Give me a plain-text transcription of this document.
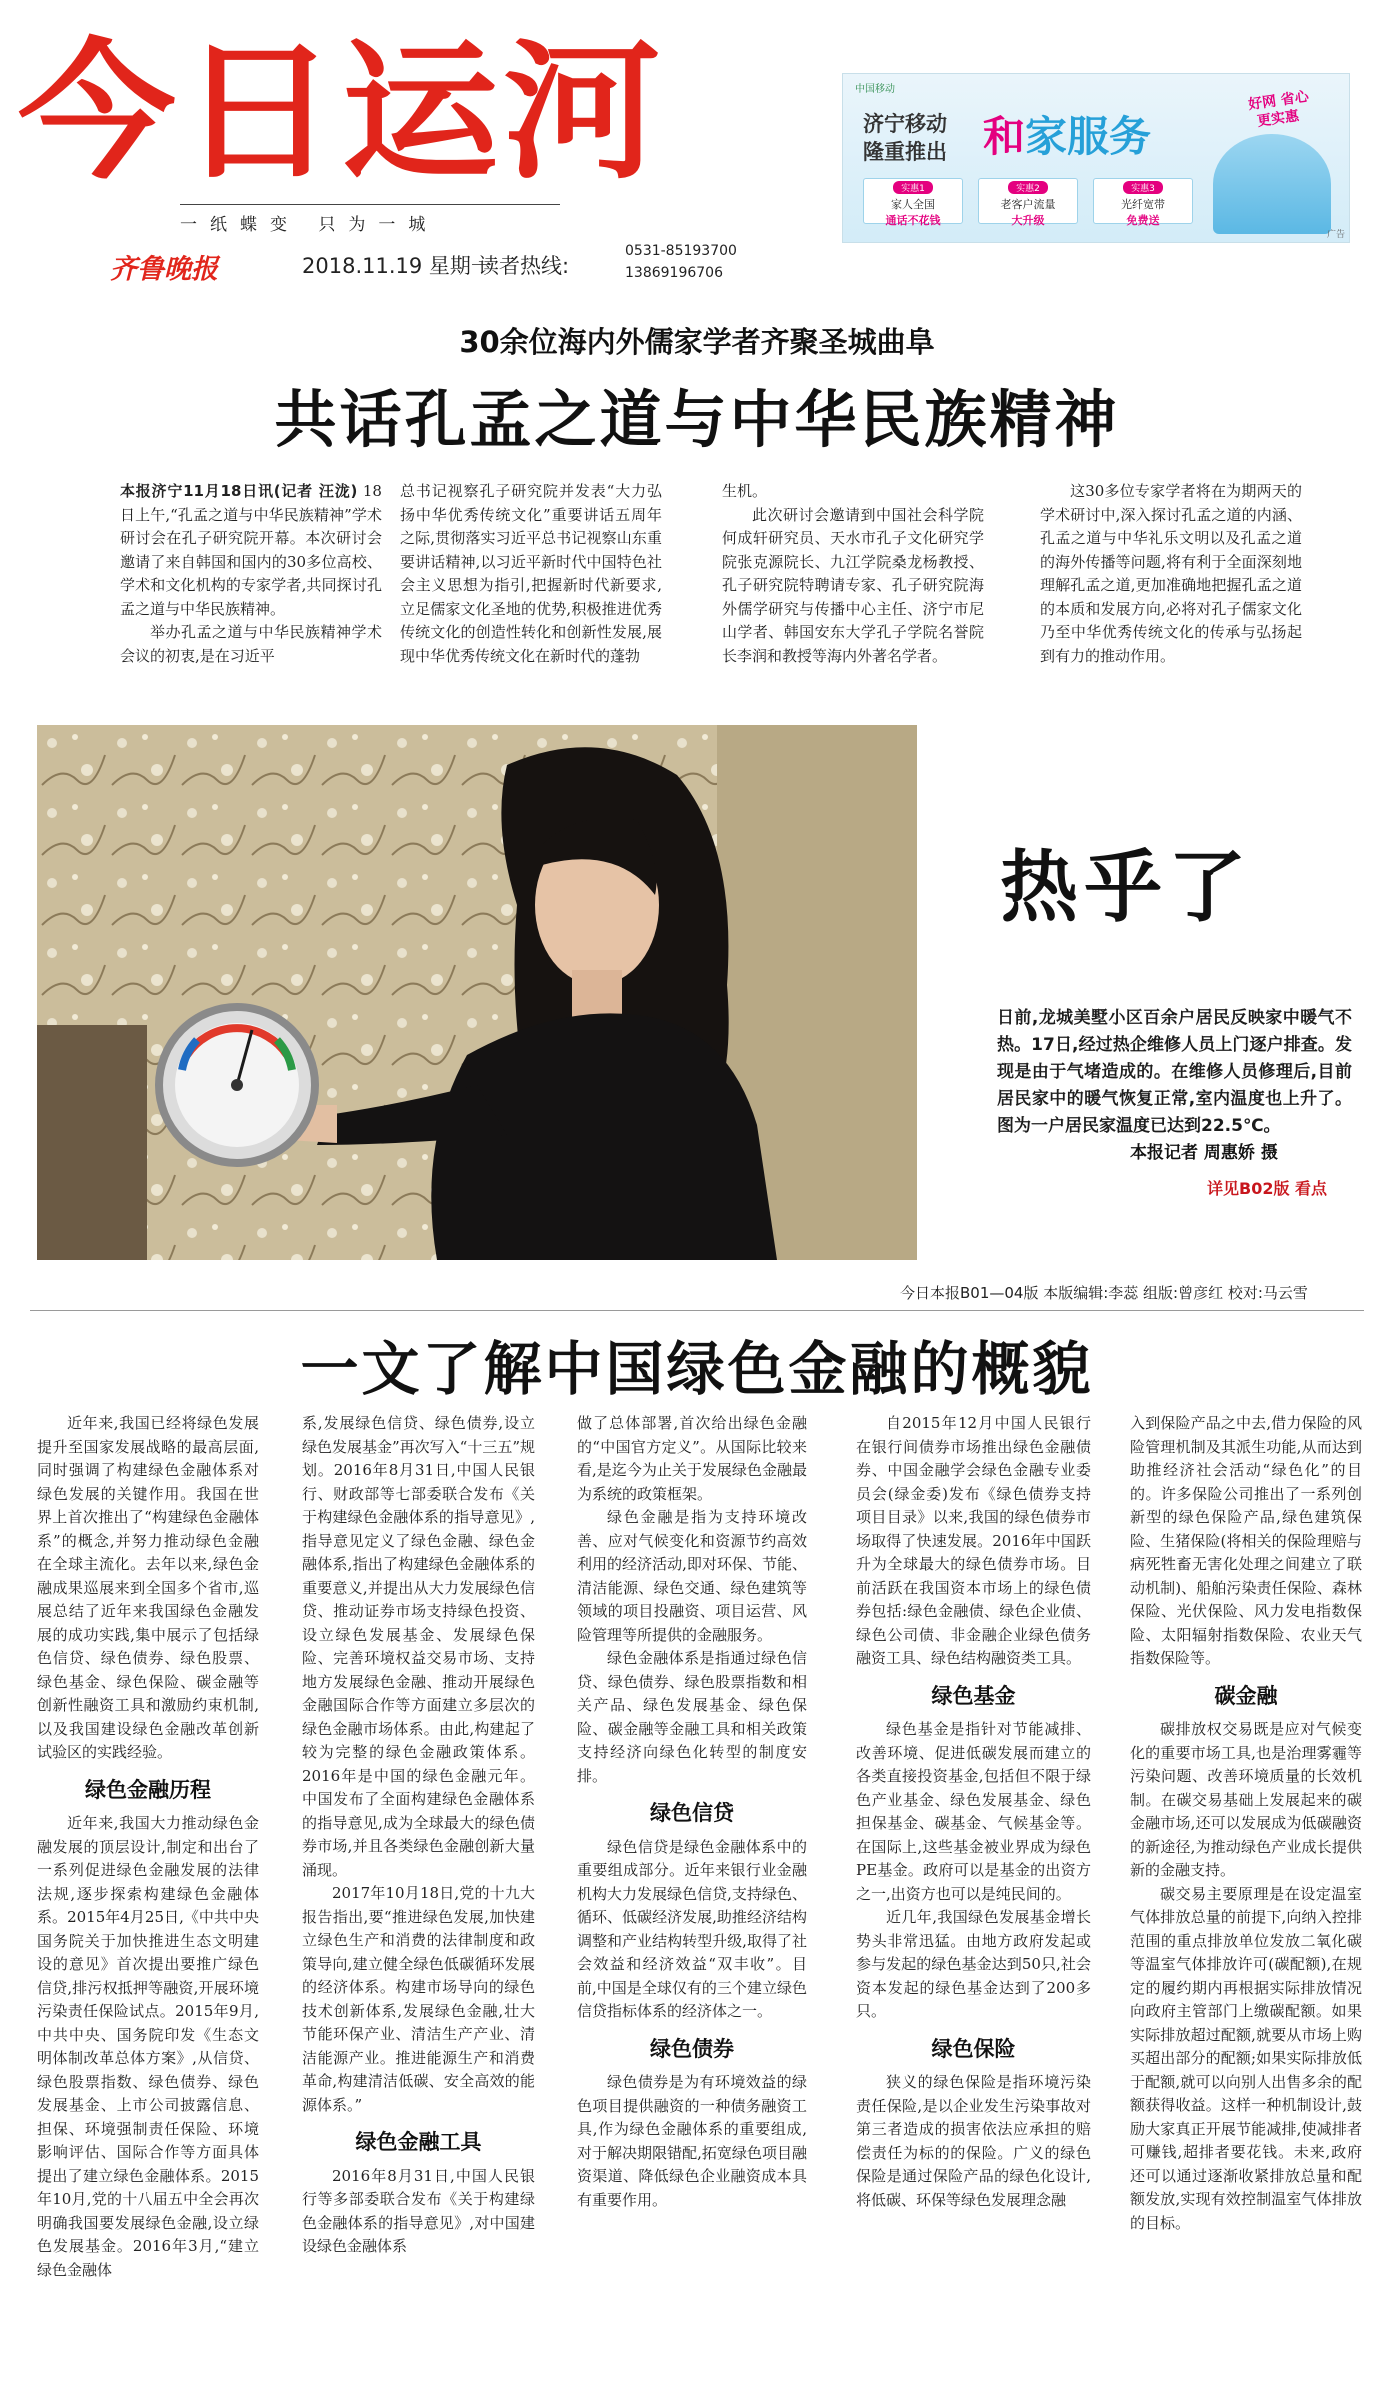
今日运河
一纸蝶变 只为一城
齐鲁晚报	2018.11.19 星期一
读者热线:
0531-85193700
13869196706
中国移动
济宁移动
隆重推出 和家服务
好网 省心
更实惠
实惠1
家人全国
通话不花钱
实惠2
老客户流量
大升级
实惠3
光纤宽带
免费送
广告
30余位海内外儒家学者齐聚圣城曲阜
共话孔孟之道与中华民族精神

本报济宁11月18日讯(记者 汪泷) 18日上午,“孔孟之道与中华民族精神”学术研讨会在孔子研究院开幕。本次研讨会邀请了来自韩国和国内的30多位高校、学术和文化机构的专家学者,共同探讨孔孟之道与中华民族精神。

举办孔孟之道与中华民族精神学术会议的初衷,是在习近平

总书记视察孔子研究院并发表“大力弘扬中华优秀传统文化”重要讲话五周年之际,贯彻落实习近平总书记视察山东重要讲话精神,以习近平新时代中国特色社会主义思想为指引,把握新时代新要求,立足儒家文化圣地的优势,积极推进优秀传统文化的创造性转化和创新性发展,展现中华优秀传统文化在新时代的蓬勃

生机。

此次研讨会邀请到中国社会科学院何成轩研究员、天水市孔子文化研究学院张克源院长、九江学院桑龙杨教授、孔子研究院特聘请专家、孔子研究院海外儒学研究与传播中心主任、济宁市尼山学者、韩国安东大学孔子学院名誉院长李润和教授等海内外著名学者。

这30多位专家学者将在为期两天的学术研讨中,深入探讨孔孟之道的内涵、孔孟之道与中华礼乐文明以及孔孟之道的海外传播等问题,将有利于全面深刻地理解孔孟之道,更加准确地把握孔孟之道的本质和发展方向,必将对孔子儒家文化乃至中华优秀传统文化的传承与弘扬起到有力的推动作用。

热乎了
日前,龙城美墅小区百余户居民反映家中暖气不热。17日,经过热企维修人员上门逐户排查。发现是由于气堵造成的。在维修人员修理后,目前居民家中的暖气恢复正常,室内温度也上升了。图为一户居民家温度已达到22.5℃。
本报记者 周惠娇 摄
详见B02版 看点
今日本报B01—04版 本版编辑:李蕊 组版:曾彦红 校对:马云雪
一文了解中国绿色金融的概貌

近年来,我国已经将绿色发展提升至国家发展战略的最高层面,同时强调了构建绿色金融体系对绿色发展的关键作用。我国在世界上首次推出了“构建绿色金融体系”的概念,并努力推动绿色金融在全球主流化。去年以来,绿色金融成果巡展来到全国多个省市,巡展总结了近年来我国绿色金融发展的成功实践,集中展示了包括绿色信贷、绿色债券、绿色股票、绿色基金、绿色保险、碳金融等创新性融资工具和激励约束机制,以及我国建设绿色金融改革创新试验区的实践经验。

绿色金融历程

近年来,我国大力推动绿色金融发展的顶层设计,制定和出台了一系列促进绿色金融发展的法律法规,逐步探索构建绿色金融体系。2015年4月25日,《中共中央国务院关于加快推进生态文明建设的意见》首次提出要推广绿色信贷,排污权抵押等融资,开展环境污染责任保险试点。2015年9月,中共中央、国务院印发《生态文明体制改革总体方案》,从信贷、绿色股票指数、绿色债券、绿色发展基金、上市公司披露信息、担保、环境强制责任保险、环境影响评估、国际合作等方面具体提出了建立绿色金融体系。2015年10月,党的十八届五中全会再次明确我国要发展绿色金融,设立绿色发展基金。2016年3月,“建立绿色金融体

系,发展绿色信贷、绿色债券,设立绿色发展基金”再次写入“十三五”规划。2016年8月31日,中国人民银行、财政部等七部委联合发布《关于构建绿色金融体系的指导意见》,指导意见定义了绿色金融、绿色金融体系,指出了构建绿色金融体系的重要意义,并提出从大力发展绿色信贷、推动证券市场支持绿色投资、设立绿色发展基金、发展绿色保险、完善环境权益交易市场、支持地方发展绿色金融、推动开展绿色金融国际合作等方面建立多层次的绿色金融市场体系。由此,构建起了较为完整的绿色金融政策体系。2016年是中国的绿色金融元年。中国发布了全面构建绿色金融体系的指导意见,成为全球最大的绿色债券市场,并且各类绿色金融创新大量涌现。

2017年10月18日,党的十九大报告指出,要“推进绿色发展,加快建立绿色生产和消费的法律制度和政策导向,建立健全绿色低碳循环发展的经济体系。构建市场导向的绿色技术创新体系,发展绿色金融,壮大节能环保产业、清洁生产产业、清洁能源产业。推进能源生产和消费革命,构建清洁低碳、安全高效的能源体系。”

绿色金融工具

2016年8月31日,中国人民银行等多部委联合发布《关于构建绿色金融体系的指导意见》,对中国建设绿色金融体系

做了总体部署,首次给出绿色金融的“中国官方定义”。从国际比较来看,是迄今为止关于发展绿色金融最为系统的政策框架。

绿色金融是指为支持环境改善、应对气候变化和资源节约高效利用的经济活动,即对环保、节能、清洁能源、绿色交通、绿色建筑等领域的项目投融资、项目运营、风险管理等所提供的金融服务。

绿色金融体系是指通过绿色信贷、绿色债券、绿色股票指数和相关产品、绿色发展基金、绿色保险、碳金融等金融工具和相关政策支持经济向绿色化转型的制度安排。

绿色信贷

绿色信贷是绿色金融体系中的重要组成部分。近年来银行业金融机构大力发展绿色信贷,支持绿色、循环、低碳经济发展,助推经济结构调整和产业结构转型升级,取得了社会效益和经济效益“双丰收”。目前,中国是全球仅有的三个建立绿色信贷指标体系的经济体之一。

绿色债券

绿色债券是为有环境效益的绿色项目提供融资的一种债务融资工具,作为绿色金融体系的重要组成,对于解决期限错配,拓宽绿色项目融资渠道、降低绿色企业融资成本具有重要作用。

自2015年12月中国人民银行在银行间债券市场推出绿色金融债券、中国金融学会绿色金融专业委员会(绿金委)发布《绿色债券支持项目目录》以来,我国的绿色债券市场取得了快速发展。2016年中国跃升为全球最大的绿色债券市场。目前活跃在我国资本市场上的绿色债券包括:绿色金融债、绿色企业债、绿色公司债、非金融企业绿色债务融资工具、绿色结构融资类工具。

绿色基金

绿色基金是指针对节能减排、改善环境、促进低碳发展而建立的各类直接投资基金,包括但不限于绿色产业基金、绿色发展基金、绿色担保基金、碳基金、气候基金等。在国际上,这些基金被业界成为绿色PE基金。政府可以是基金的出资方之一,出资方也可以是纯民间的。

近几年,我国绿色发展基金增长势头非常迅猛。由地方政府发起或参与发起的绿色基金达到50只,社会资本发起的绿色基金达到了200多只。

绿色保险

狭义的绿色保险是指环境污染责任保险,是以企业发生污染事故对第三者造成的损害依法应承担的赔偿责任为标的的保险。广义的绿色保险是通过保险产品的绿色化设计,将低碳、环保等绿色发展理念融

入到保险产品之中去,借力保险的风险管理机制及其派生功能,从而达到助推经济社会活动“绿色化”的目的。许多保险公司推出了一系列创新型的绿色保险产品,绿色建筑保险、生猪保险(将相关的保险理赔与病死牲畜无害化处理之间建立了联动机制)、船舶污染责任保险、森林保险、光伏保险、风力发电指数保险、太阳辐射指数保险、农业天气指数保险等。

碳金融

碳排放权交易既是应对气候变化的重要市场工具,也是治理雾霾等污染问题、改善环境质量的长效机制。在碳交易基础上发展起来的碳金融市场,还可以发展成为低碳融资的新途径,为推动绿色产业成长提供新的金融支持。

碳交易主要原理是在设定温室气体排放总量的前提下,向纳入控排范围的重点排放单位发放二氧化碳等温室气体排放许可(碳配额),在规定的履约期内再根据实际排放情况向政府主管部门上缴碳配额。如果实际排放超过配额,就要从市场上购买超出部分的配额;如果实际排放低于配额,就可以向别人出售多余的配额获得收益。这样一种机制设计,鼓励大家真正开展节能减排,使减排者可赚钱,超排者要花钱。未来,政府还可以通过逐渐收紧排放总量和配额发放,实现有效控制温室气体排放的目标。
